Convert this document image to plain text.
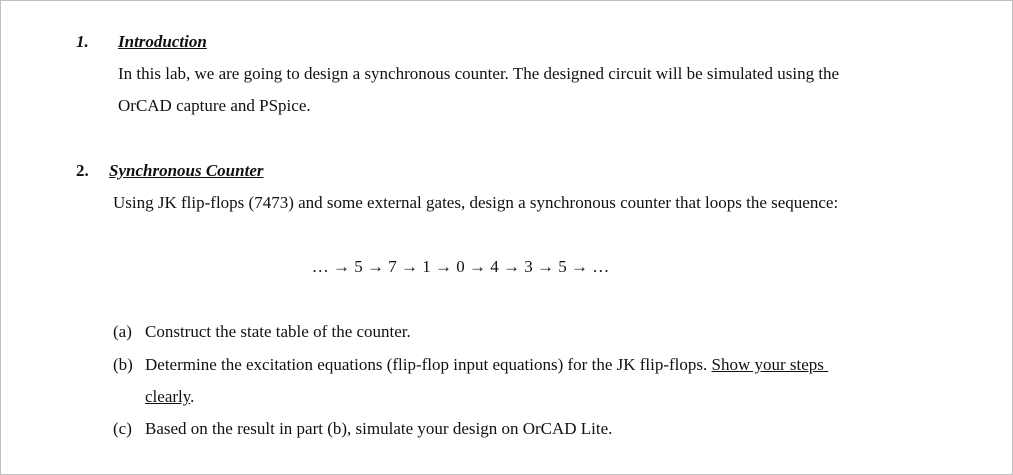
1. Introduction
In this lab, we are going to design a synchronous counter. The designed circuit will be simulated using the
OrCAD capture and PSpice.
2. Synchronous Counter
Using JK flip-flops (7473) and some external gates, design a synchronous counter that loops the sequence:
… → 5 → 7 → 1 → 0 → 4 → 3 → 5 → …
(a) Construct the state table of the counter.
(b) Determine the excitation equations (flip-flop input equations) for the JK flip-flops. Show your steps
clearly.
(c) Based on the result in part (b), simulate your design on OrCAD Lite.
